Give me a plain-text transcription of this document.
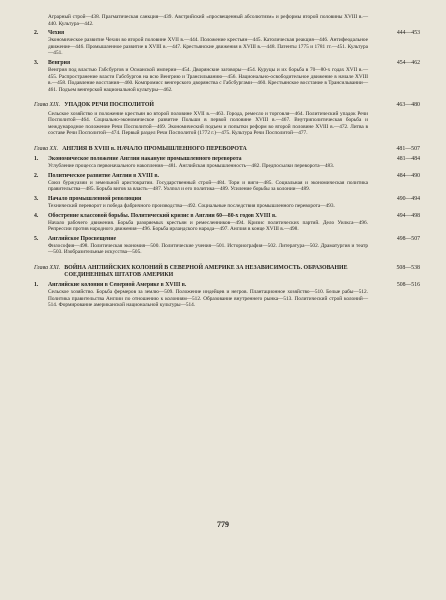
Аграрный строй—438. Прагматическая санкция—439. Австрийский «просвещенный абсолютизм» и реформы второй половины XVIII в.—440. Культура—442.

2.	Чехия	444—453

Экономическое развитие Чехии во второй половине XVII в.—444. Положение крестьян—445. Католическая реакция—446. Антифеодальное движение—446. Промышленное развитие в XVIII в.—447. Крестьянские движения в XVIII в.—448. Патенты 1775 и 1781 гг.—451. Культура—451.

3.	Венгрия	454—462

Венгрия под властью Габсбургов и Османской империи—454. Дворянские заговоры—454. Куруцы и их борьба в 70—80-х годах XVII в.—455. Распространение власти Габсбургов на всю Венгрию и Трансильванию—456. Национально-освободительное движение в начале XVIII в.—458. Подавление восстания—460. Компромисс венгерского дворянства с Габсбургами—460. Крестьянское восстание в Трансильвании—461. Подъем венгерской национальной культуры—462.

Глава XIX. УПАДОК РЕЧИ ПОСПОЛИТОЙ	463—480

Сельское хозяйство и положение крестьян во второй половине XVII в.—463. Города, ремесло и торговля—464. Политический упадок Речи Посполитой—464. Социально-экономическое развитие Польши в первой половине XVIII в.—467. Внутриполитическая борьба и международное положение Речи Посполитой—469. Экономический подъем и попытки реформ во второй половине XVIII в.—472. Литва в составе Речи Посполитой—474. Первый раздел Речи Посполитой (1772 г.)—475. Культура Речи Посполитой—477.

Глава XX. АНГЛИЯ В XVIII в. НАЧАЛО ПРОМЫШЛЕННОГО ПЕРЕВОРОТА	481—507
1.	Экономическое положение Англии накануне промышленного переворота	481—484

Углубление процесса первоначального накопления—481. Английская промышленность—482. Предпосылки переворота—483.

2.	Политическое развитие Англии в XVIII в.	484—490

Союз буржуазии и земельной аристократии. Государственный строй—484. Тори и виги—485. Социальная и экономическая политика правительства—485. Борьба вигов за власть—487. Уолпол и его политика—489. Усиление борьбы за колонии—489.

3.	Начало промышленной революции	490—494

Технический переворот и победа фабричного производства—492. Социальные последствия промышленного переворота—493.

4.	Обострение классовой борьбы. Политический кризис в Англии 60—80-х годов XVIII в.	494—498

Начало рабочего движения. Борьба разоряемых крестьян и ремесленников—494. Кризис политических партий. Дело Уилкса—496. Репрессии против народного движения—496. Борьба ирландского народа—497. Англия в конце XVIII в.—498.

5.	Английское Просвещение	498—507

Философия—498. Политическая экономия—500. Политические учения—501. Историография—502. Литература—502. Драматургия и театр—503. Изобразительные искусства—505.

Глава XXI. ВОЙНА АНГЛИЙСКИХ КОЛОНИЙ В СЕВЕРНОЙ АМЕРИКЕ ЗА НЕЗАВИСИМОСТЬ. ОБРАЗОВАНИЕ СОЕДИНЕННЫХ ШТАТОВ АМЕРИКИ
508—538
1.	Английские колонии в Северной Америке в XVIII в.	508—516

Сельское хозяйство. Борьба фермеров за землю—509. Положение индейцев и негров. Плантационное хозяйство—510. Белые рабы—512. Политика правительства Англии по отношению к колониям—512. Образование внутреннего рынка—513. Политический строй колоний—514. Формирование американской национальной культуры—514.

779
